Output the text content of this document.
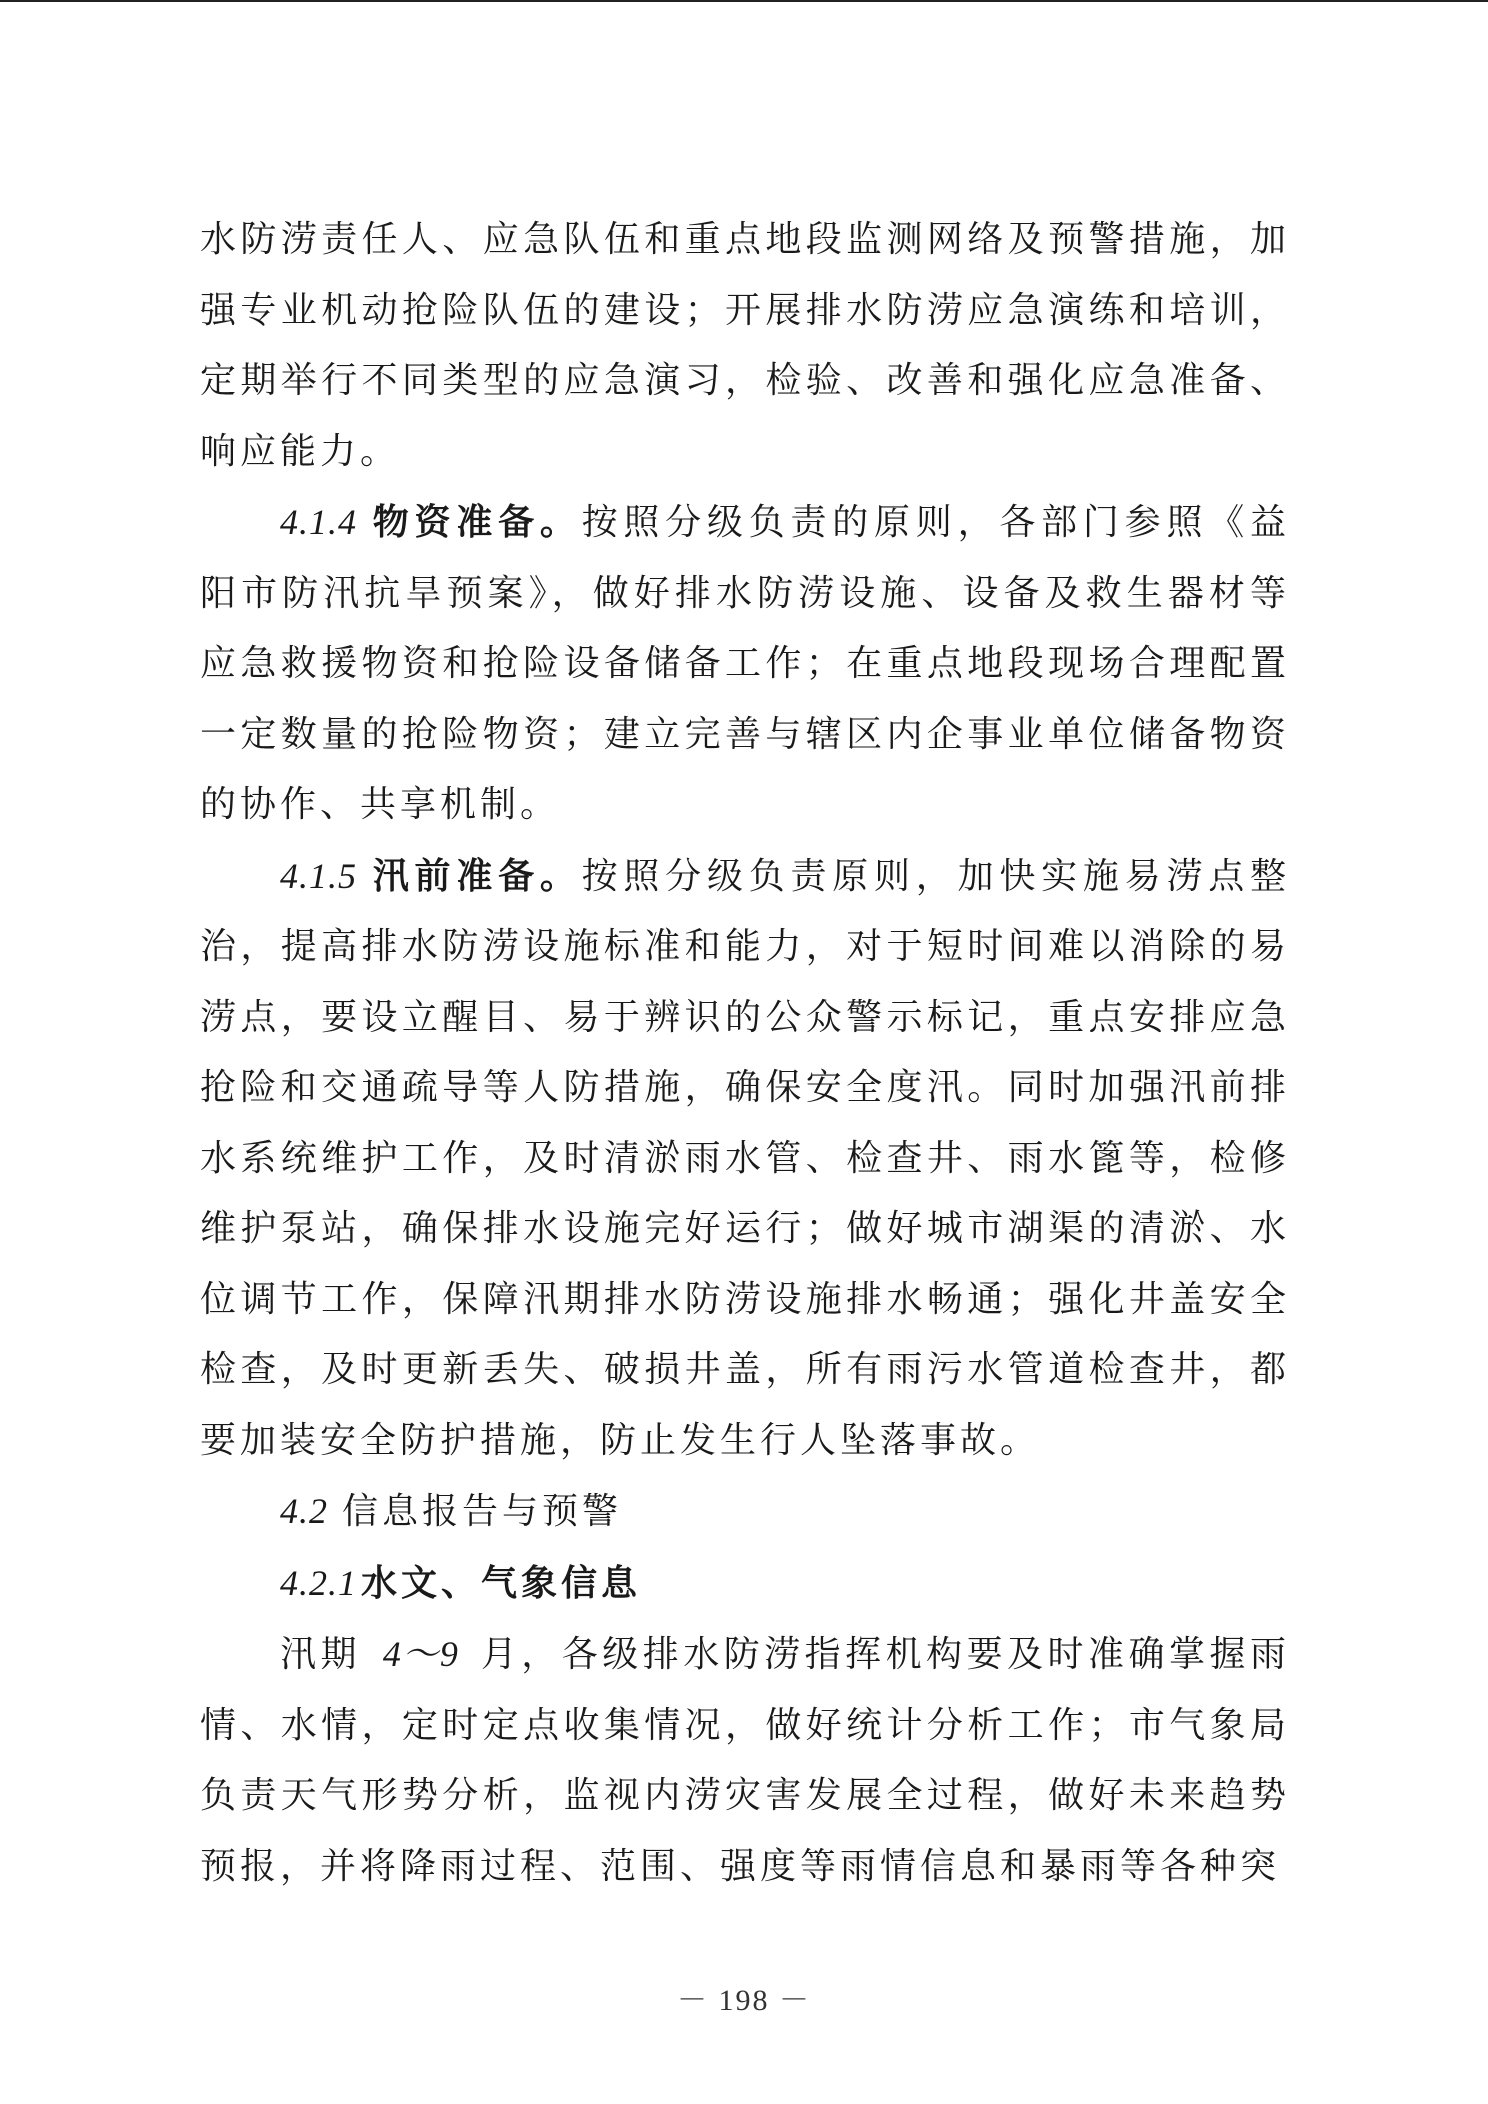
水防涝责任人、应急队伍和重点地段监测网络及预警措施，加强专业机动抢险队伍的建设；开展排水防涝应急演练和培训，定期举行不同类型的应急演习，检验、改善和强化应急准备、响应能力。

4.1.4 物资准备。按照分级负责的原则，各部门参照《益阳市防汛抗旱预案》，做好排水防涝设施、设备及救生器材等应急救援物资和抢险设备储备工作；在重点地段现场合理配置一定数量的抢险物资；建立完善与辖区内企事业单位储备物资的协作、共享机制。

4.1.5 汛前准备。按照分级负责原则，加快实施易涝点整治，提高排水防涝设施标准和能力，对于短时间难以消除的易涝点，要设立醒目、易于辨识的公众警示标记，重点安排应急抢险和交通疏导等人防措施，确保安全度汛。同时加强汛前排水系统维护工作，及时清淤雨水管、检查井、雨水篦等，检修维护泵站，确保排水设施完好运行；做好城市湖渠的清淤、水位调节工作，保障汛期排水防涝设施排水畅通；强化井盖安全检查，及时更新丢失、破损井盖，所有雨污水管道检查井，都要加装安全防护措施，防止发生行人坠落事故。

4.2 信息报告与预警

4.2.1 水文、气象信息

汛期 4～9 月，各级排水防涝指挥机构要及时准确掌握雨情、水情，定时定点收集情况，做好统计分析工作；市气象局负责天气形势分析，监视内涝灾害发展全过程，做好未来趋势预报，并将降雨过程、范围、强度等雨情信息和暴雨等各种突

－ 198 －
